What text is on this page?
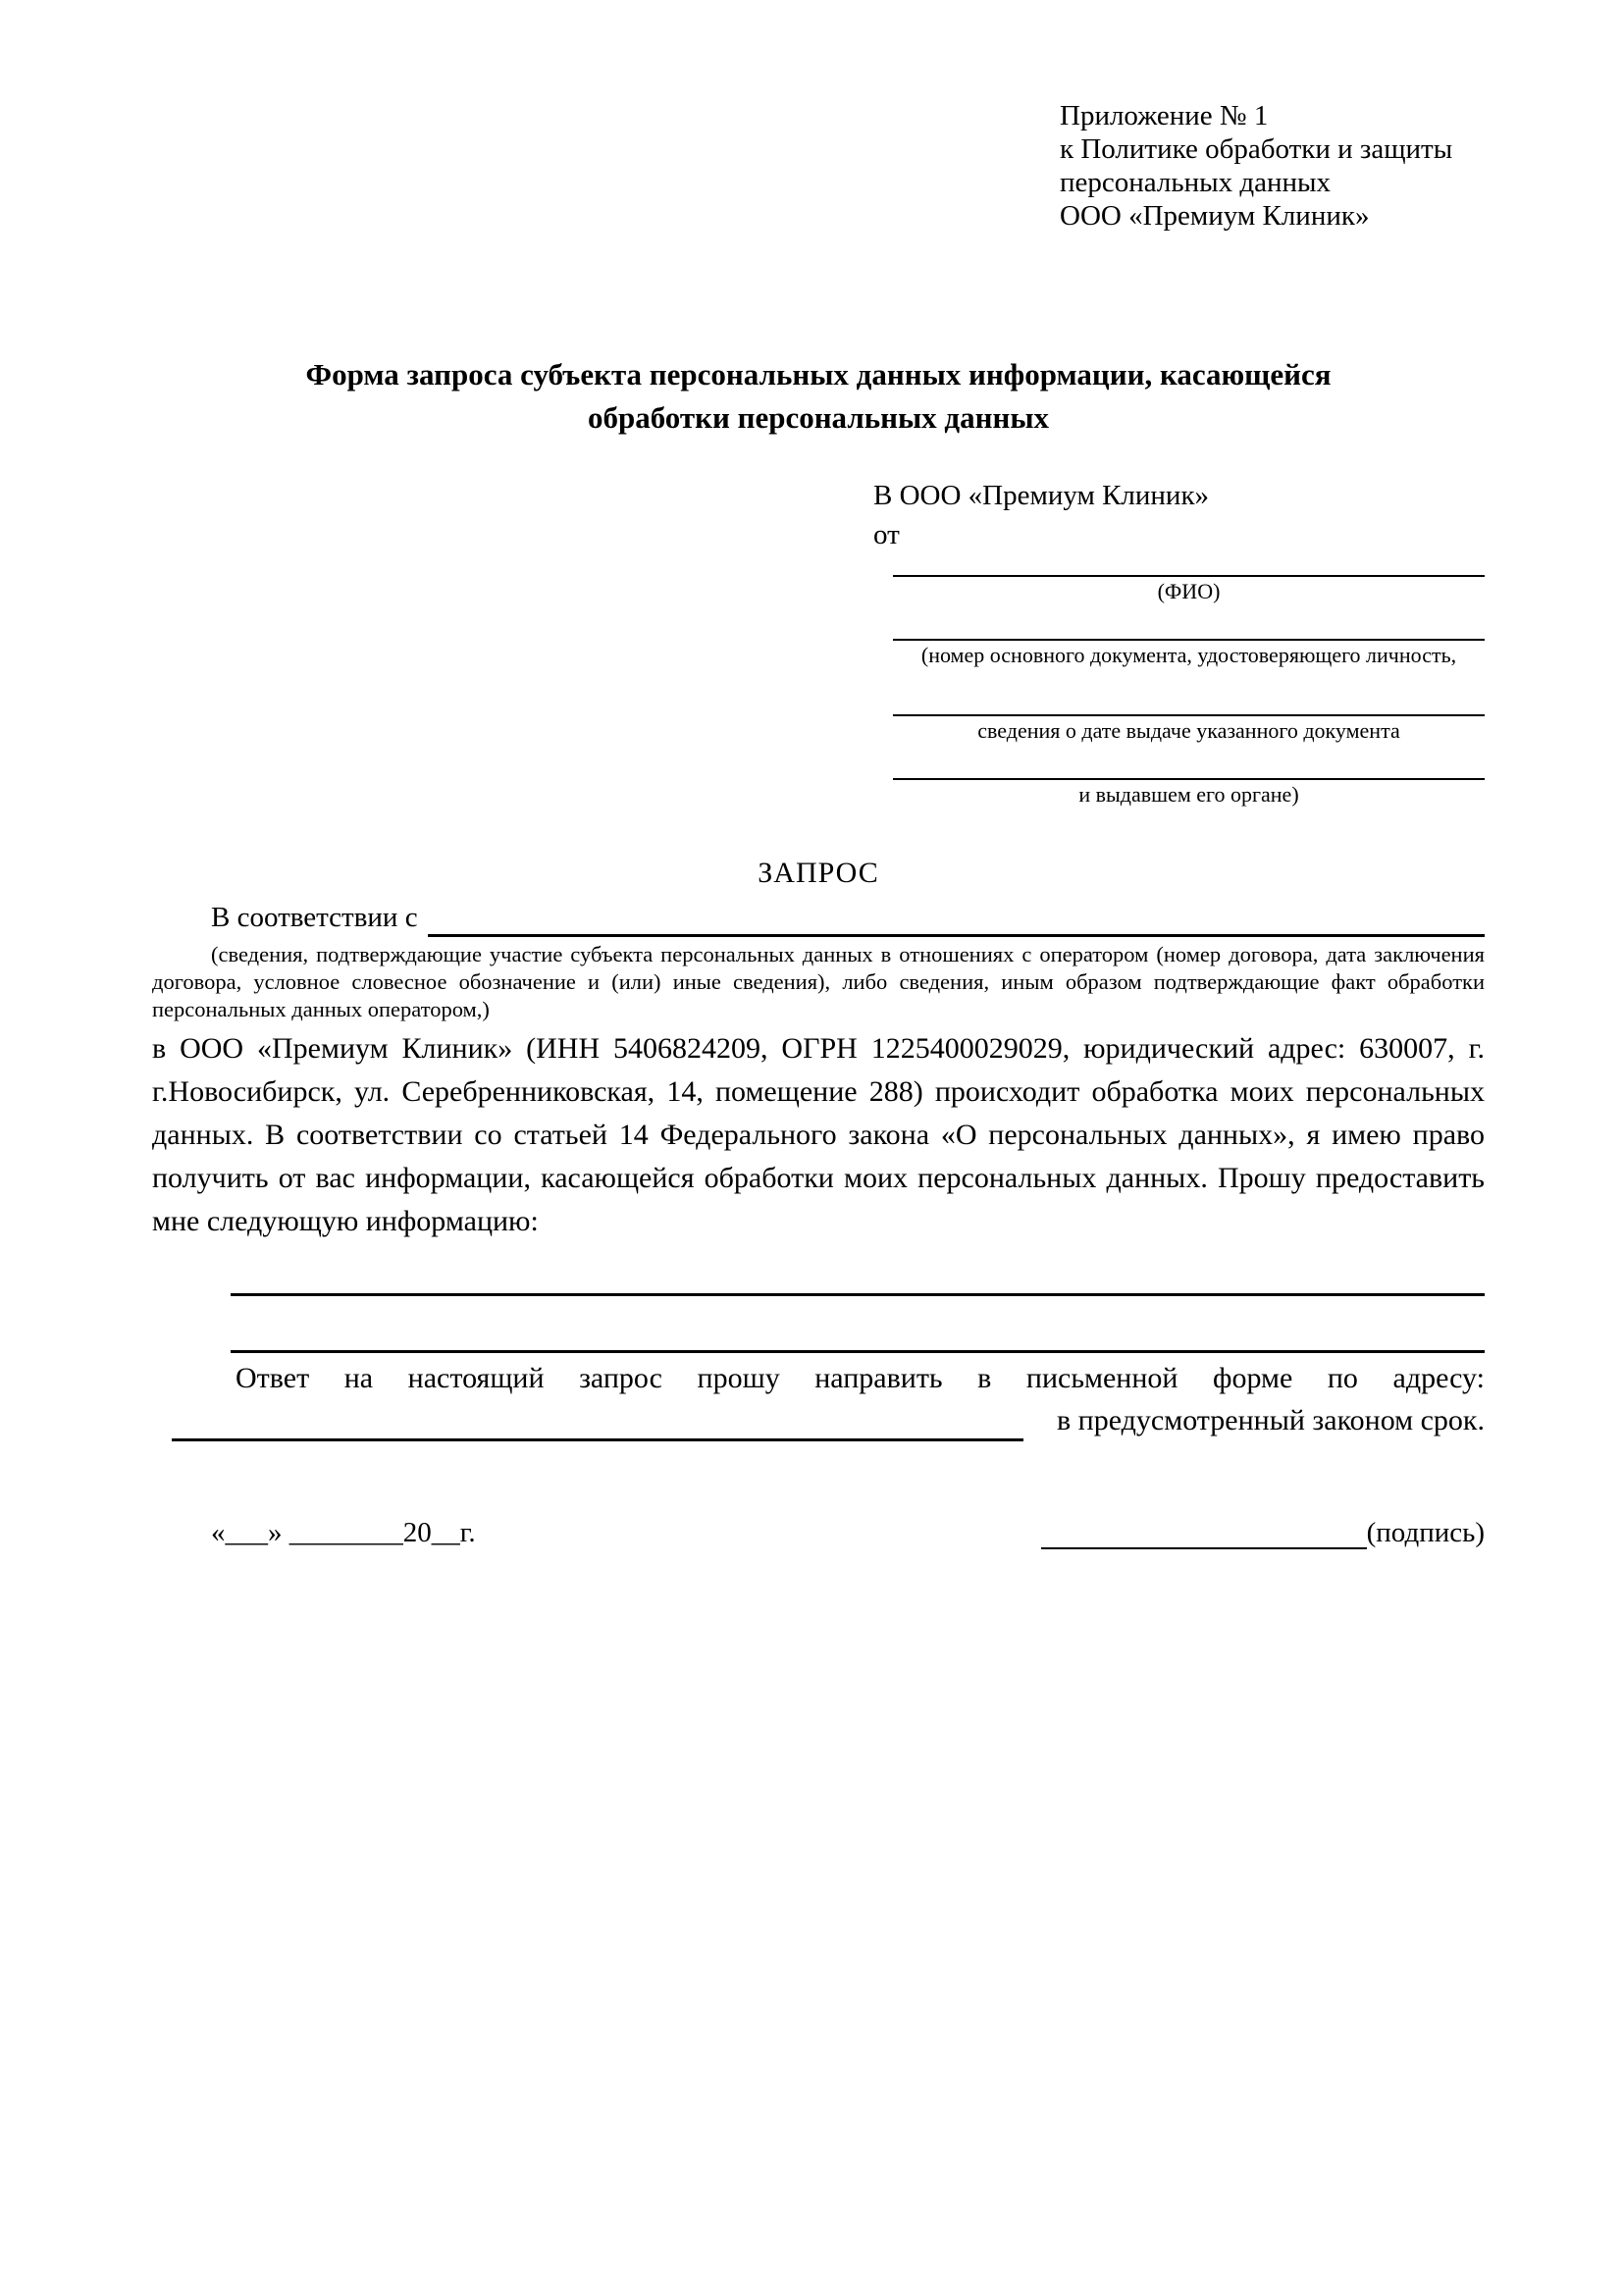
Приложение № 1
к Политике обработки и защиты
персональных данных
ООО «Премиум Клиник»
Форма запроса субъекта персональных данных информации, касающейся обработки персональных данных
В ООО «Премиум Клиник»
от
(ФИО)
(номер основного документа, удостоверяющего личность,
сведения о дате выдаче указанного документа
и выдавшем его органе)
ЗАПРОС
В соответствии с
(сведения, подтверждающие участие субъекта персональных данных в отношениях с оператором (номер договора, дата заключения договора, условное словесное обозначение и (или) иные сведения), либо сведения, иным образом подтверждающие факт обработки персональных данных оператором,)
в ООО «Премиум Клиник» (ИНН 5406824209, ОГРН 1225400029029, юридический адрес: 630007, г. г.Новосибирск, ул. Серебренниковская, 14, помещение 288) происходит обработка моих персональных данных. В соответствии со статьей 14 Федерального закона «О персональных данных», я имею право получить от вас информации, касающейся обработки моих персональных данных. Прошу предоставить мне следующую информацию:
Ответ на настоящий запрос прошу направить в письменной форме по адресу:
в предусмотренный законом срок.
«___» ________20__г.	(подпись)
